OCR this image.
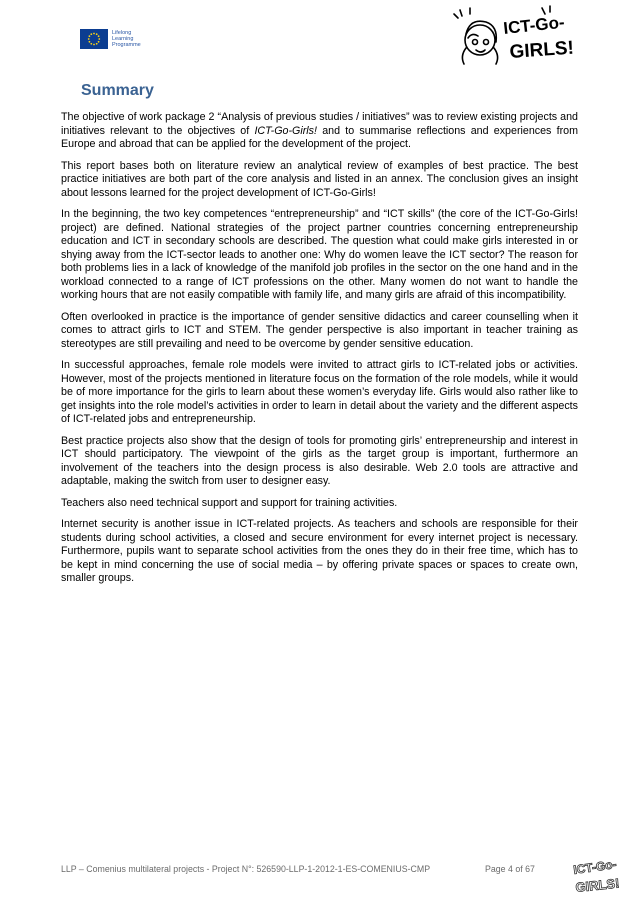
Lifelong
Learning
Programme
ICT-Go-
GIRLS!
Summary

The objective of work package 2 “Analysis of previous studies / initiatives” was to review existing projects and initiatives relevant to the objectives of ICT-Go-Girls! and to summarise reflections and experiences from Europe and abroad that can be applied for the development of the project.

This report bases both on literature review an analytical review of examples of best practice. The best practice initiatives are both part of the core analysis and listed in an annex. The conclusion gives an insight about lessons learned for the project development of ICT-Go-Girls!

In the beginning, the two key competences “entrepreneurship” and “ICT skills” (the core of the ICT-Go-Girls! project) are defined. National strategies of the project partner countries concerning entrepreneurship education and ICT in secondary schools are described. The question what could make girls interested in or shying away from the ICT-sector leads to another one: Why do women leave the ICT sector? The reason for both problems lies in a lack of knowledge of the manifold job profiles in the sector on the one hand and in the workload connected to a range of ICT professions on the other. Many women do not want to handle the working hours that are not easily compatible with family life, and many girls are afraid of this incompatibility.

Often overlooked in practice is the importance of gender sensitive didactics and career counselling when it comes to attract girls to ICT and STEM. The gender perspective is also important in teacher training as stereotypes are still prevailing and need to be overcome by gender sensitive education.

In successful approaches, female role models were invited to attract girls to ICT-related jobs or activities. However, most of the projects mentioned in literature focus on the formation of the role models, while it would be of more importance for the girls to learn about these women’s everyday life. Girls would also rather like to get insights into the role model’s activities in order to learn in detail about the variety and the different aspects of ICT-related jobs and entrepreneurship.

Best practice projects also show that the design of tools for promoting girls’ entrepreneurship and interest in ICT should participatory. The viewpoint of the girls as the target group is important, furthermore an involvement of the teachers into the design process is also desirable. Web 2.0 tools are attractive and adaptable, making the switch from user to designer easy.

Teachers also need technical support and support for training activities.

Internet security is another issue in ICT-related projects. As teachers and schools are responsible for their students during school activities, a closed and secure environment for every internet project is necessary. Furthermore, pupils want to separate school activities from the ones they do in their free time, which has to be kept in mind concerning the use of social media – by offering private spaces or spaces to create own, smaller groups.

LLP – Comenius multilateral projects - Project N°: 526590-LLP-1-2012-1-ES-COMENIUS-CMP	Page 4 of 67	ICT-Go-
GIRLS!
